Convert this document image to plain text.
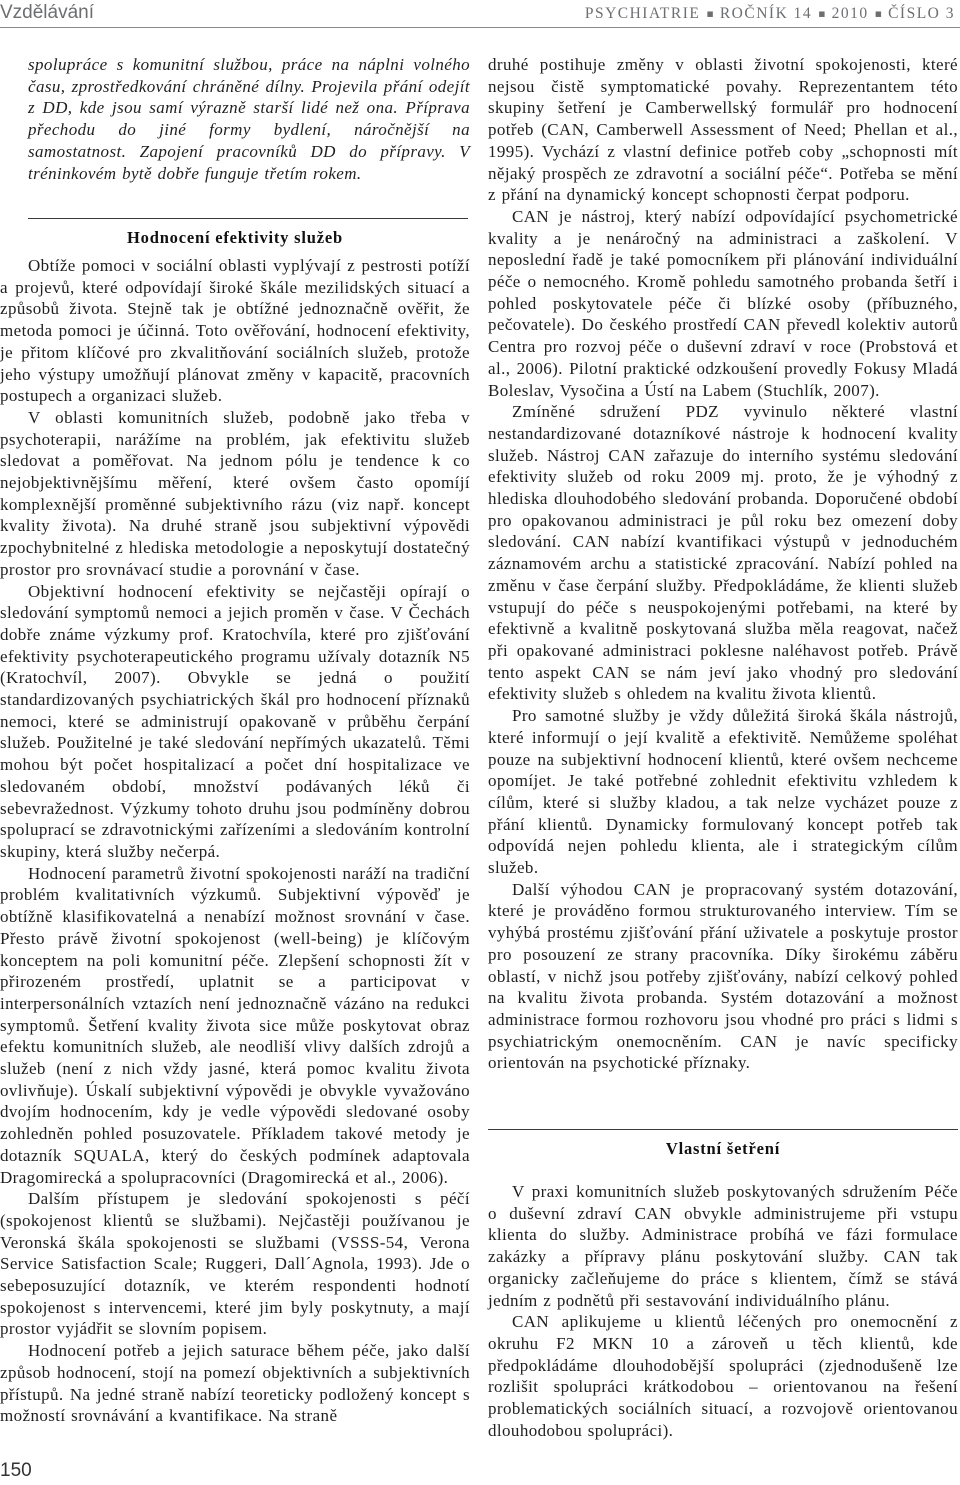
Vzdělávání	PSYCHIATRIE ▪ ROČNÍK 14 ▪ 2010 ▪ ČÍSLO 3

spolupráce s komunitní službou, práce na náplni volného času, zprostředkování chráněné dílny. Projevila přání odejít z DD, kde jsou samí výrazně starší lidé než ona. Příprava přechodu do jiné formy bydlení, náročnější na samostatnost. Zapojení pracovníků DD do přípravy. V tréninkovém bytě dobře funguje třetím rokem.

Hodnocení efektivity služeb

Obtíže pomoci v sociální oblasti vyplývají z pestrosti potíží a projevů, které odpovídají široké škále mezilidských situací a způsobů života. Stejně tak je obtížné jednoznačně ověřit, že metoda pomoci je účinná. Toto ověřování, hodnocení efektivity, je přitom klíčové pro zkvalitňování sociálních služeb, protože jeho výstupy umožňují plánovat změny v kapacitě, pracovních postupech a organizaci služeb.

V oblasti komunitních služeb, podobně jako třeba v psychoterapii, narážíme na problém, jak efektivitu služeb sledovat a poměřovat. Na jednom pólu je tendence k co nejobjektivnějšímu měření, které ovšem často opomíjí komplexnější proměnné subjektivního rázu (viz např. koncept kvality života). Na druhé straně jsou subjektivní výpovědi zpochybnitelné z hlediska metodologie a neposkytují dostatečný prostor pro srovnávací studie a porovnání v čase.

Objektivní hodnocení efektivity se nejčastěji opírají o sledování symptomů nemoci a jejich proměn v čase. V Čechách dobře známe výzkumy prof. Kratochvíla, které pro zjišťování efektivity psychoterapeutického programu užívaly dotazník N5 (Kratochvíl, 2007). Obvykle se jedná o použití standardizovaných psychiatrických škál pro hodnocení příznaků nemoci, které se administrují opakovaně v průběhu čerpání služeb. Použitelné je také sledování nepřímých ukazatelů. Těmi mohou být počet hospitalizací a počet dní hospitalizace ve sledovaném období, množství podávaných léků či sebevražednost. Výzkumy tohoto druhu jsou podmíněny dobrou spoluprací se zdravotnickými zařízeními a sledováním kontrolní skupiny, která služby nečerpá.

Hodnocení parametrů životní spokojenosti naráží na tradiční problém kvalitativních výzkumů. Subjektivní výpověď je obtížně klasifikovatelná a nenabízí možnost srovnání v čase. Přesto právě životní spokojenost (well-being) je klíčovým konceptem na poli komunitní péče. Zlepšení schopnosti žít v přirozeném prostředí, uplatnit se a participovat v interpersonálních vztazích není jednoznačně vázáno na redukci symptomů. Šetření kvality života sice může poskytovat obraz efektu komunitních služeb, ale neodliší vlivy dalších zdrojů a služeb (není z nich vždy jasné, která pomoc kvalitu života ovlivňuje). Úskalí subjektivní výpovědi je obvykle vyvažováno dvojím hodnocením, kdy je vedle výpovědi sledované osoby zohledněn pohled posuzovatele. Příkladem takové metody je dotazník SQUALA, který do českých podmínek adaptovala Dragomirecká a spolupracovníci (Dragomirecká et al., 2006).

Dalším přístupem je sledování spokojenosti s péčí (spokojenost klientů se službami). Nejčastěji používanou je Veronská škála spokojenosti se službami (VSSS-54, Verona Service Satisfaction Scale; Ruggeri, Dall´Agnola, 1993). Jde o sebeposuzující dotazník, ve kterém respondenti hodnotí spokojenost s intervencemi, které jim byly poskytnuty, a mají prostor vyjádřit se slovním popisem.

Hodnocení potřeb a jejich saturace během péče, jako další způsob hodnocení, stojí na pomezí objektivních a subjektivních přístupů. Na jedné straně nabízí teoreticky podložený koncept s možností srovnávání a kvantifikace. Na straně

druhé postihuje změny v oblasti životní spokojenosti, které nejsou čistě symptomatické povahy. Reprezentantem této skupiny šetření je Camberwellský formulář pro hodnocení potřeb (CAN, Camberwell Assessment of Need; Phellan et al., 1995). Vychází z vlastní definice potřeb coby „schopnosti mít nějaký prospěch ze zdravotní a sociální péče“. Potřeba se mění z přání na dynamický koncept schopnosti čerpat podporu.

CAN je nástroj, který nabízí odpovídající psychometrické kvality a je nenáročný na administraci a zaškolení. V neposlední řadě je také pomocníkem při plánování individuální péče o nemocného. Kromě pohledu samotného probanda šetří i pohled poskytovatele péče či blízké osoby (příbuzného, pečovatele). Do českého prostředí CAN převedl kolektiv autorů Centra pro rozvoj péče o duševní zdraví v roce (Probstová et al., 2006). Pilotní praktické odzkoušení provedly Fokusy Mladá Boleslav, Vysočina a Ústí na Labem (Stuchlík, 2007).

Zmíněné sdružení PDZ vyvinulo některé vlastní nestandardizované dotazníkové nástroje k hodnocení kvality služeb. Nástroj CAN zařazuje do interního systému sledování efektivity služeb od roku 2009 mj. proto, že je výhodný z hlediska dlouhodobého sledování probanda. Doporučené období pro opakovanou administraci je půl roku bez omezení doby sledování. CAN nabízí kvantifikaci výstupů v jednoduchém záznamovém archu a statistické zpracování. Nabízí pohled na změnu v čase čerpání služby. Předpokládáme, že klienti služeb vstupují do péče s neuspokojenými potřebami, na které by efektivně a kvalitně poskytovaná služba měla reagovat, načež při opakované administraci poklesne naléhavost potřeb. Právě tento aspekt CAN se nám jeví jako vhodný pro sledování efektivity služeb s ohledem na kvalitu života klientů.

Pro samotné služby je vždy důležitá široká škála nástrojů, které informují o její kvalitě a efektivitě. Nemůžeme spoléhat pouze na subjektivní hodnocení klientů, které ovšem nechceme opomíjet. Je také potřebné zohlednit efektivitu vzhledem k cílům, které si služby kladou, a tak nelze vycházet pouze z přání klientů. Dynamicky formulovaný koncept potřeb tak odpovídá nejen pohledu klienta, ale i strategickým cílům služeb.

Další výhodou CAN je propracovaný systém dotazování, které je prováděno formou strukturovaného interview. Tím se vyhýbá prostému zjišťování přání uživatele a poskytuje prostor pro posouzení ze strany pracovníka. Díky širokému záběru oblastí, v nichž jsou potřeby zjišťovány, nabízí celkový pohled na kvalitu života probanda. Systém dotazování a možnost administrace formou rozhovoru jsou vhodné pro práci s lidmi s psychiatrickým onemocněním. CAN je navíc specificky orientován na psychotické příznaky.

Vlastní šetření

V praxi komunitních služeb poskytovaných sdružením Péče o duševní zdraví CAN obvykle administrujeme při vstupu klienta do služby. Administrace probíhá ve fázi formulace zakázky a přípravy plánu poskytování služby. CAN tak organicky začleňujeme do práce s klientem, čímž se stává jedním z podnětů při sestavování individuálního plánu.

CAN aplikujeme u klientů léčených pro onemocnění z okruhu F2 MKN 10 a zároveň u těch klientů, kde předpokládáme dlouhodobější spolupráci (zjednodušeně lze rozlišit spolupráci krátkodobou – orientovanou na řešení problematických sociálních situací, a rozvojově orientovanou dlouhodobou spolupráci).

150
